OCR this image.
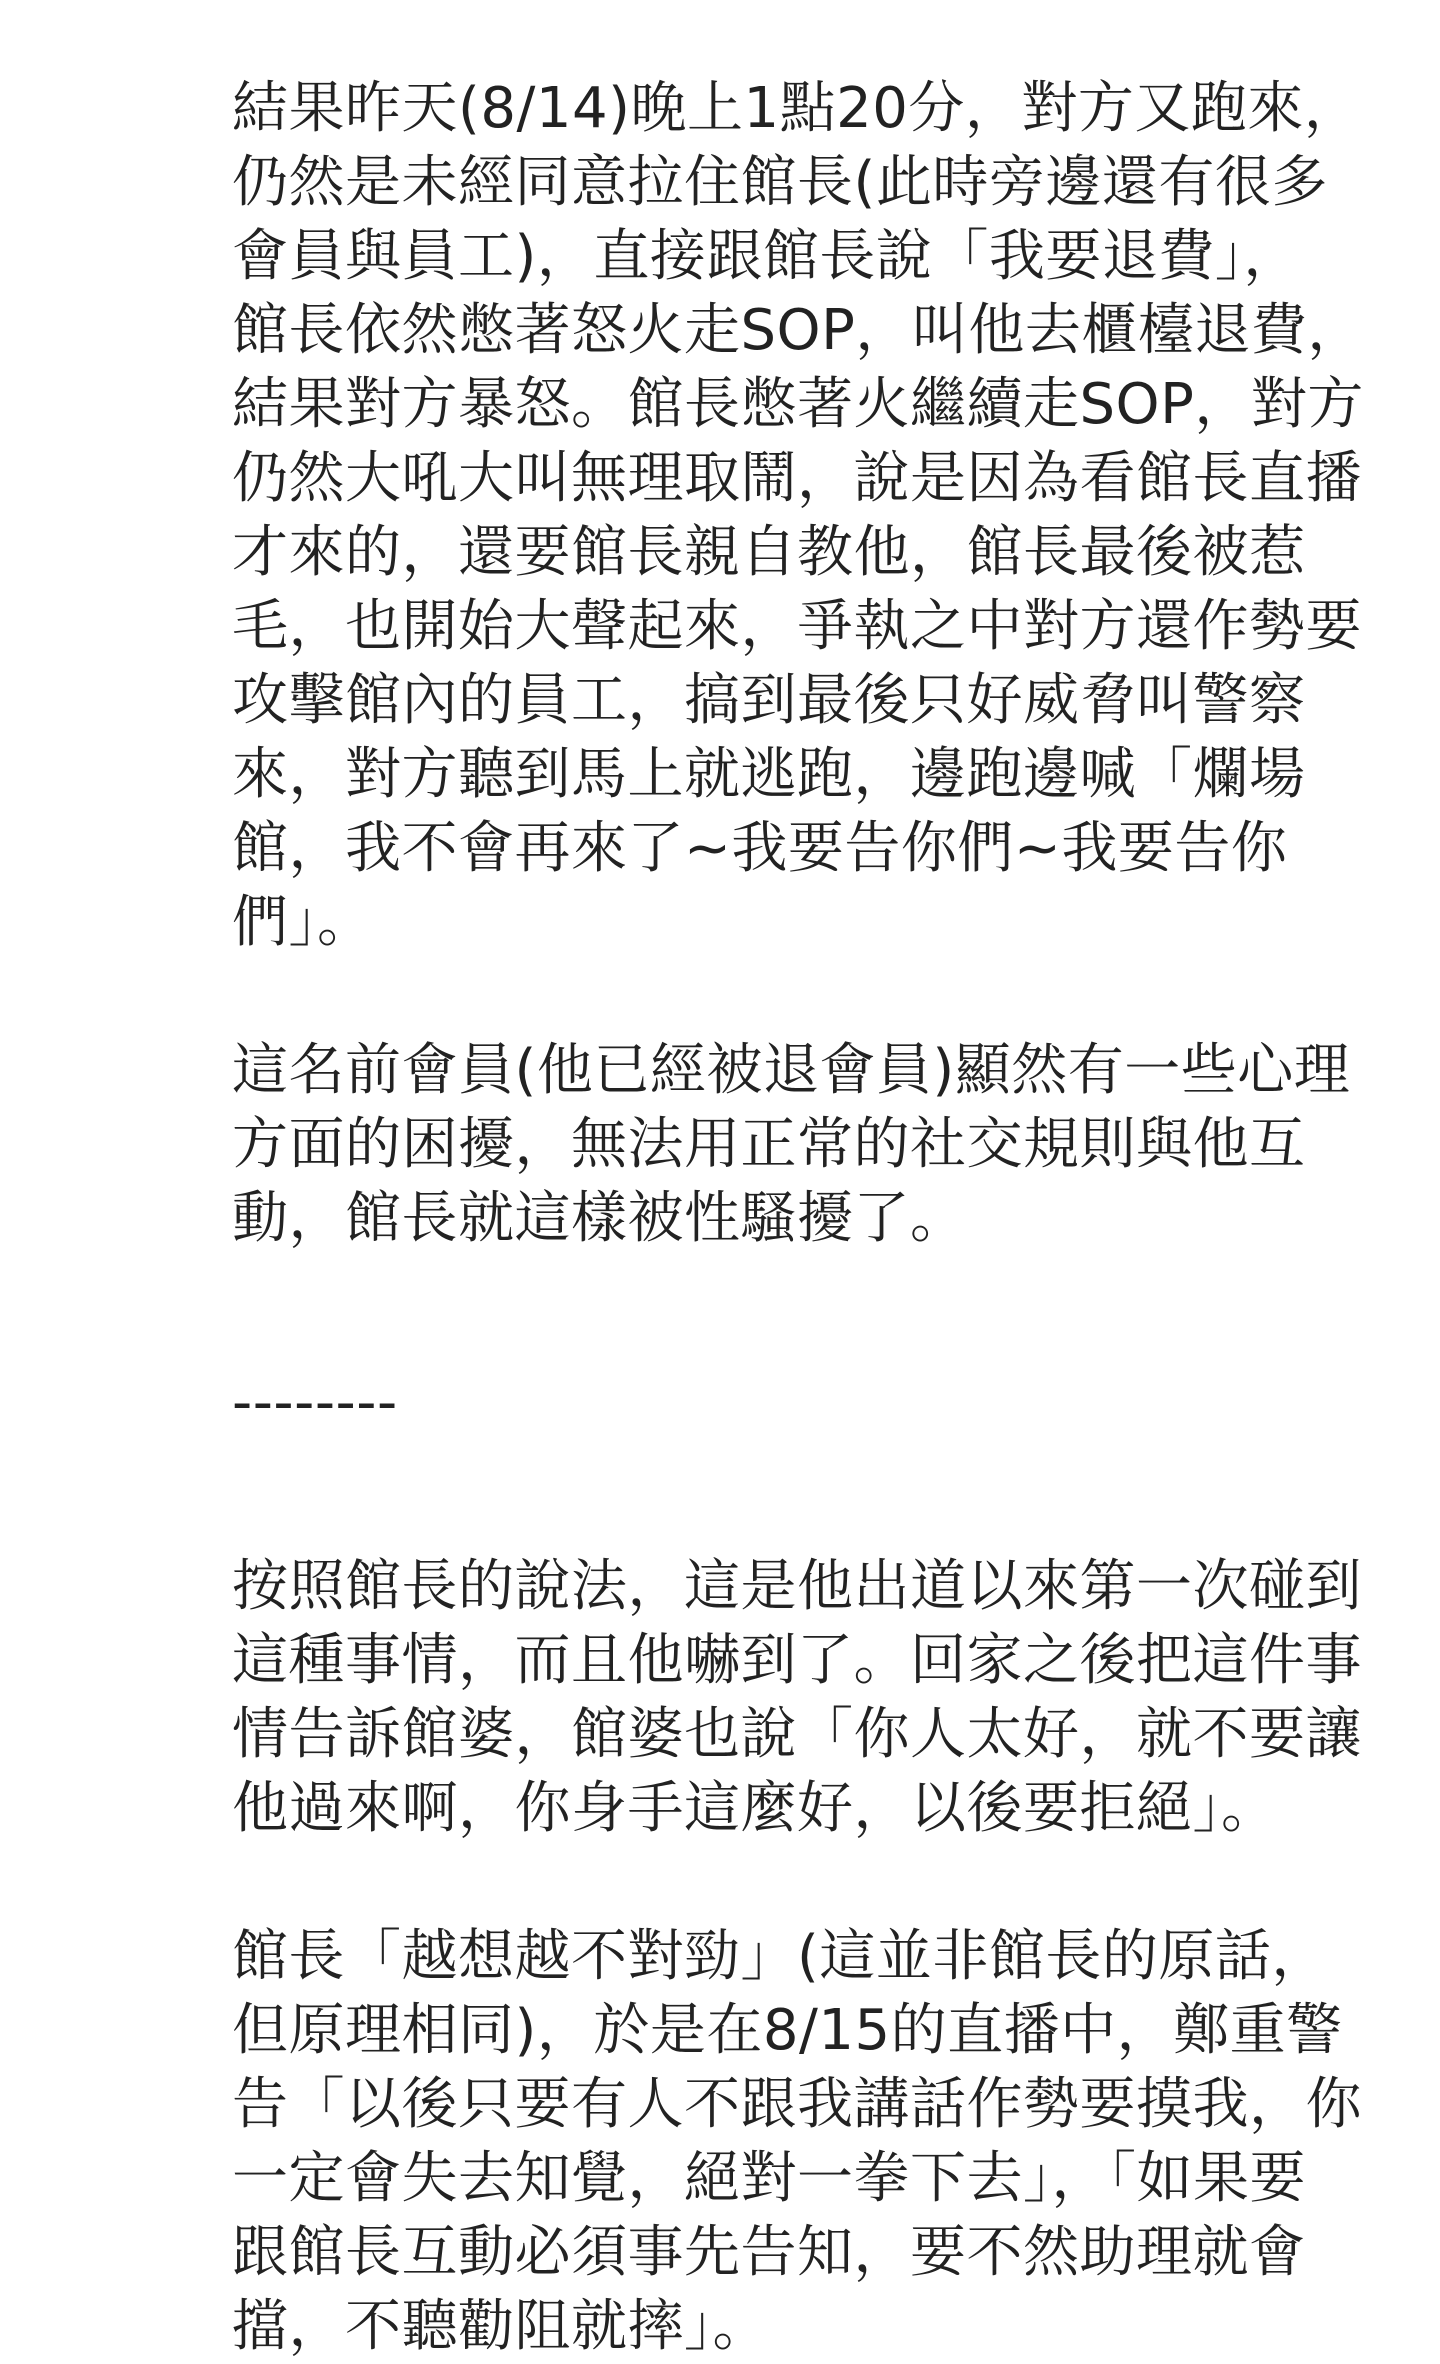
結果昨天(8/14)晚上1點20分，對方又跑來，
仍然是未經同意拉住館長(此時旁邊還有很多
會員與員工)，直接跟館長說「我要退費」，
館長依然憋著怒火走SOP，叫他去櫃檯退費，
結果對方暴怒。館長憋著火繼續走SOP，對方
仍然大吼大叫無理取鬧，說是因為看館長直播
才來的，還要館長親自教他，館長最後被惹
毛，也開始大聲起來，爭執之中對方還作勢要
攻擊館內的員工，搞到最後只好威脅叫警察
來，對方聽到馬上就逃跑，邊跑邊喊「爛場
館，我不會再來了~我要告你們~我要告你
們」。

這名前會員(他已經被退會員)顯然有一些心理
方面的困擾，無法用正常的社交規則與他互
動，館長就這樣被性騷擾了。

--------

按照館長的說法，這是他出道以來第一次碰到
這種事情，而且他嚇到了。回家之後把這件事
情告訴館婆，館婆也說「你人太好，就不要讓
他過來啊，你身手這麼好，以後要拒絕」。

館長「越想越不對勁」(這並非館長的原話，
但原理相同)，於是在8/15的直播中，鄭重警
告「以後只要有人不跟我講話作勢要摸我，你
一定會失去知覺，絕對一拳下去」，「如果要
跟館長互動必須事先告知，要不然助理就會
擋，不聽勸阻就摔」。
